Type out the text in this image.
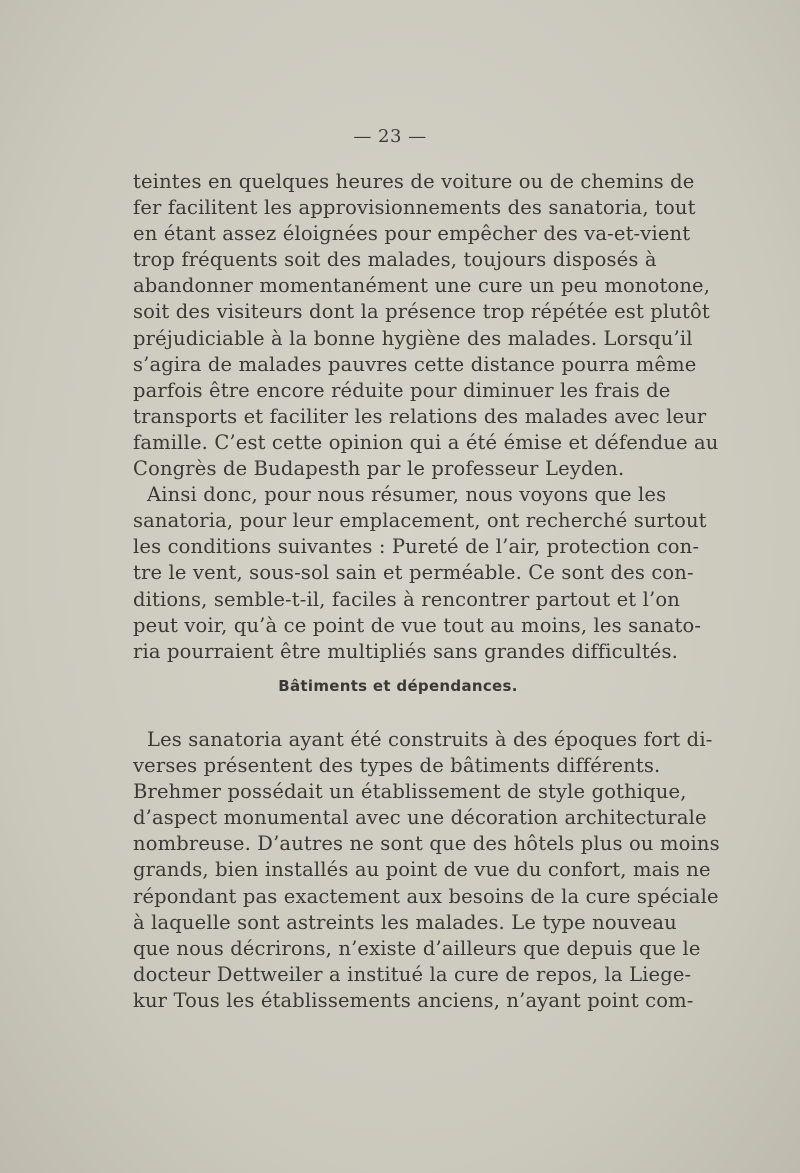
— 23 —
teintes en quelques heures de voiture ou de chemins de
fer facilitent les approvisionnements des sanatoria, tout
en étant assez éloignées pour empêcher des va-et-vient
trop fréquents soit des malades, toujours disposés à
abandonner momentanément une cure un peu monotone,
soit des visiteurs dont la présence trop répétée est plutôt
préjudiciable à la bonne hygiène des malades. Lorsqu’il
s’agira de malades pauvres cette distance pourra même
parfois être encore réduite pour diminuer les frais de
transports et faciliter les relations des malades avec leur
famille. C’est cette opinion qui a été émise et défendue au
Congrès de Budapesth par le professeur Leyden.
Ainsi donc, pour nous résumer, nous voyons que les
sanatoria, pour leur emplacement, ont recherché surtout
les conditions suivantes : Pureté de l’air, protection con-
tre le vent, sous-sol sain et perméable. Ce sont des con-
ditions, semble-t-il, faciles à rencontrer partout et l’on
peut voir, qu’à ce point de vue tout au moins, les sanato-
ria pourraient être multipliés sans grandes difficultés.
Bâtiments et dépendances.
Les sanatoria ayant été construits à des époques fort di-
verses présentent des types de bâtiments différents.
Brehmer possédait un établissement de style gothique,
d’aspect monumental avec une décoration architecturale
nombreuse. D’autres ne sont que des hôtels plus ou moins
grands, bien installés au point de vue du confort, mais ne
répondant pas exactement aux besoins de la cure spéciale
à laquelle sont astreints les malades. Le type nouveau
que nous décrirons, n’existe d’ailleurs que depuis que le
docteur Dettweiler a institué la cure de repos, la Liege-
kur Tous les établissements anciens, n’ayant point com-
